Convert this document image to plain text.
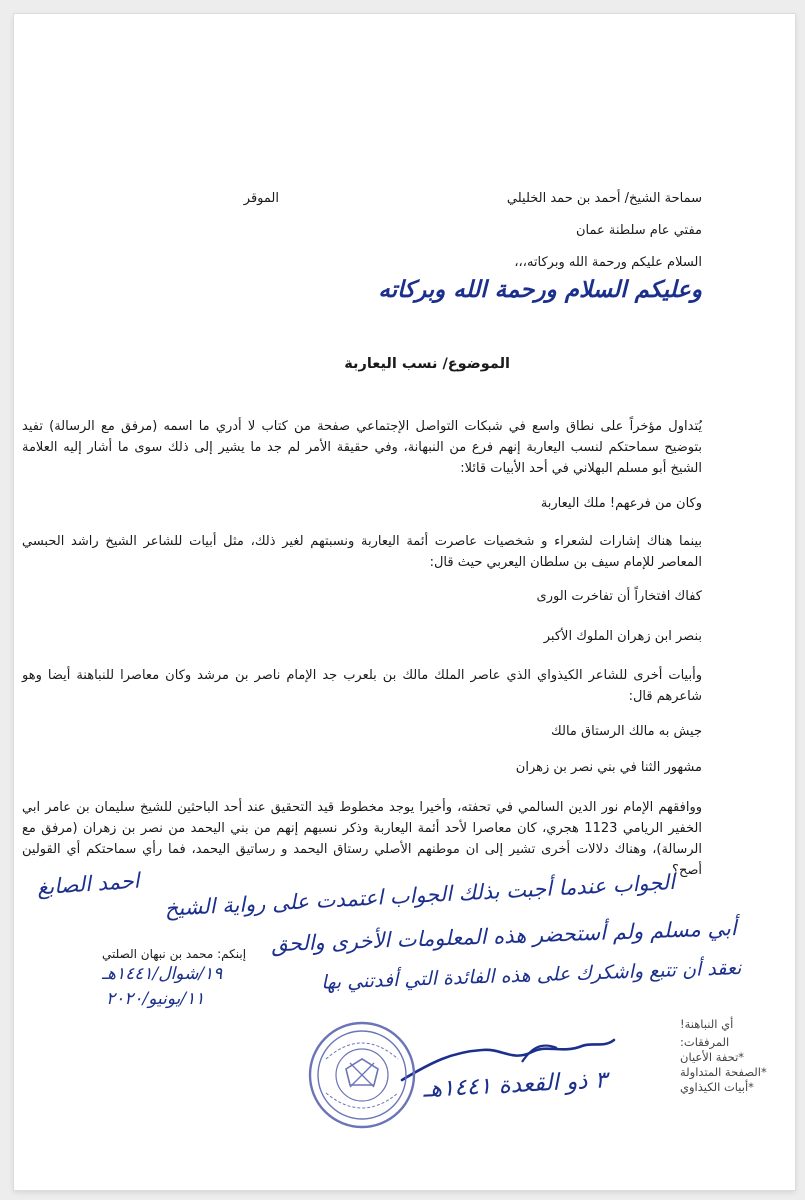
سماحة الشيخ/ أحمد بن حمد الخليلي
الموقر
مفتي عام سلطنة عمان
السلام عليكم ورحمة الله وبركاته،،،
وعليكم السلام ورحمة الله وبركاته
الموضوع/ نسب اليعاربة
يُتداول مؤخراً على نطاق واسع في شبكات التواصل الإجتماعي صفحة من كتاب لا أدري ما اسمه (مرفق مع الرسالة) تفيد بتوضيح سماحتكم لنسب اليعاربة إنهم فرع من النبهانة، وفي حقيقة الأمر لم جد ما يشير إلى ذلك سوى ما أشار إليه العلامة الشيخ أبو مسلم البهلاني في أحد الأبيات قائلا:
وكان من فرعهم! ملك اليعاربة
بينما هناك إشارات لشعراء و شخصيات عاصرت أئمة اليعاربة ونسبتهم لغير ذلك، مثل أبيات للشاعر الشيخ راشد الحبسي المعاصر للإمام سيف بن سلطان اليعربي حيث قال:
كفاك افتخاراً أن تفاخرت الورى
بنصر ابن زهران الملوك الأكبر
وأبيات أخرى للشاعر الكيذواي الذي عاصر الملك مالك بن بلعرب جد الإمام ناصر بن مرشد وكان معاصرا للنباهنة أيضا وهو شاعرهم قال:
جيش به مالك الرستاق مالك
مشهور الثنا في بني نصر بن زهران
ووافقهم الإمام نور الدين السالمي في تحفته، وأخيرا يوجد مخطوط قيد التحقيق عند أحد الباحثين للشيخ سليمان بن عامر ابي الخفير الريامي 1123 هجري، كان معاصرا لأحد أئمة اليعاربة وذكر نسبهم إنهم من بني اليحمد من نصر بن زهران (مرفق مع الرسالة)، وهناك دلالات أخرى تشير إلى ان موطنهم الأصلي رستاق اليحمد و رساتيق اليحمد، فما رأي سماحتكم أي القولين أصح؟
الجواب عندما أجبت بذلك الجواب اعتمدت على رواية الشيخ
احمد الصابغ
أبي مسلم ولم أستحضر هذه المعلومات الأخرى والحق
نعقد أن تتبع واشكرك على هذه الفائدة التي أفدتني بها
إبنكم: محمد بن نبهان الصلتي
١٩/شوال/١٤٤١هـ
١١/يونيو/٢٠٢٠
٣ ذو القعدة ١٤٤١هـ
أي النباهنة!
المرفقات:
*تحفة الأعيان
*الصفحة المتداولة
*أبيات الكيذاوي
